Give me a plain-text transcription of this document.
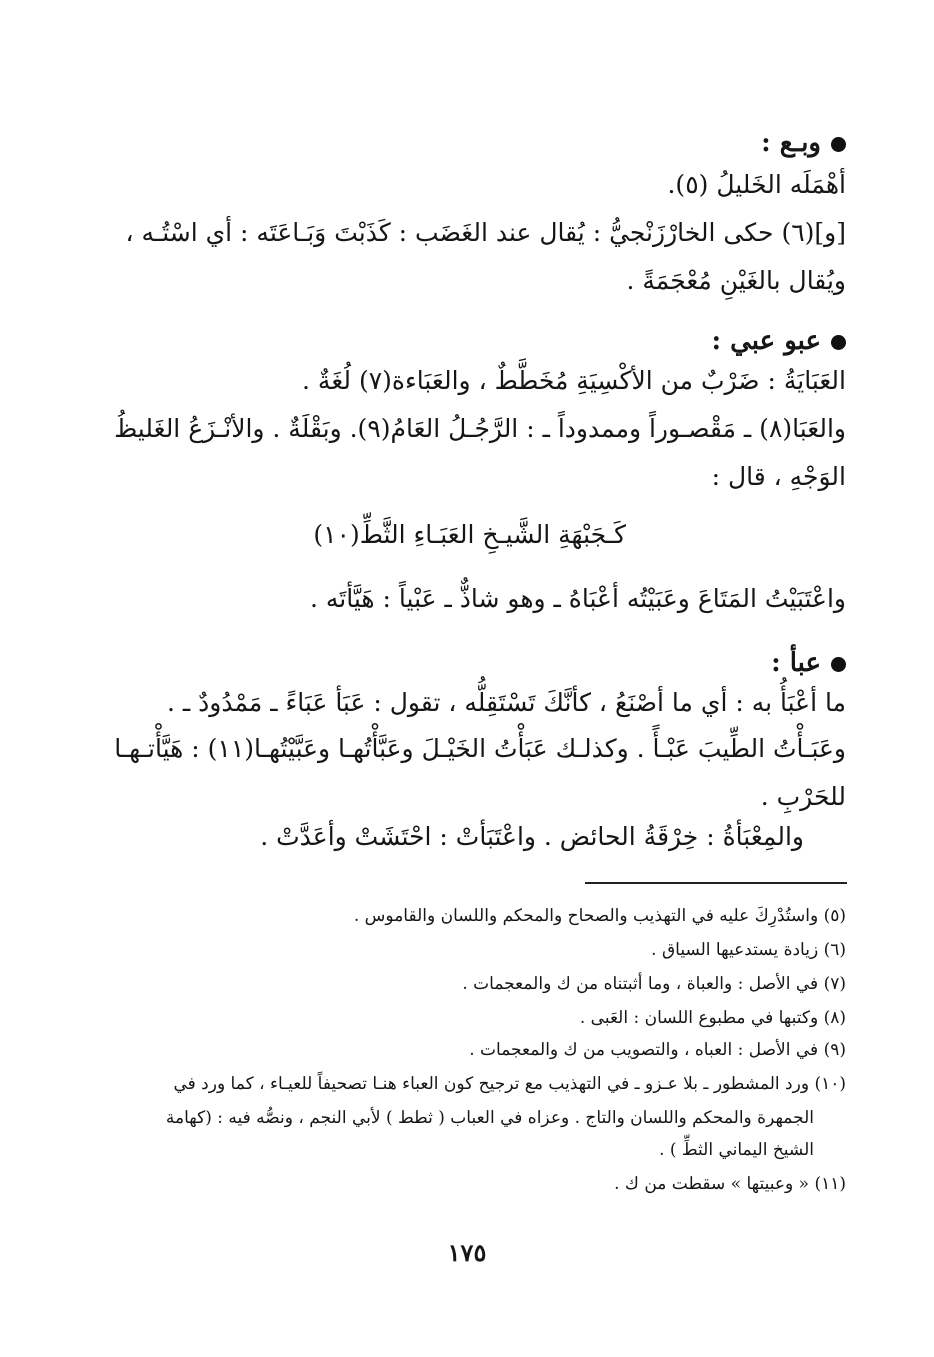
وبـع :
أهْمَلَه الخَليلُ (٥).
[و](٦) حكى الخارْزَنْجيُّ : يُقال عند الغَضَب : كَذَبْتَ وَبَـاعَتَه : أي اسْتُـه ،
ويُقال بالغَيْنِ مُعْجَمَةً .
عبو عبي :
العَبَايَةُ : ضَرْبٌ من الأكْسِيَةِ مُخَطَّطٌ ، والعَبَاءة(٧) لُغَةٌ .
والعَبَا(٨) ـ مَقْصـوراً وممدوداً ـ : الرَّجُـلُ العَامُ(٩). وبَقْلَةٌ . والأنْـزَعُ الغَليظُ
الوَجْهِ ، قال :
كَـجَبْهَةِ الشَّيـخِ العَبَـاءِ الثَّطِّ(١٠)
واعْتَبَيْتُ المَتَاعَ وعَبَيْتُه أعْبَاهُ ـ وهو شاذٌّ ـ عَبْياً : هَيَّأتَه .
عبأ :
ما أعْبَأُ به : أي ما أصْنَعُ ، كأنَّكَ تَسْتَقِلُّه ، تقول : عَبَأ عَبَاءً ـ مَمْدُودٌ ـ .
وعَبَـأْتُ الطِّيبَ عَبْـأً . وكذلـك عَبَأْتُ الخَيْـلَ وعَبَّأْتُهـا وعَبَّيْتُهـا(١١) : هَيَّأْتـهـا
للحَرْبِ .
والمِعْبَأةُ : خِرْقَةُ الحائض . واعْتَبَأتْ : احْتَشَتْ وأعَدَّتْ .
(٥) واستُدْرِكَ عليه في التهذيب والصحاح والمحكم واللسان والقاموس .
(٦) زيادة يستدعيها السياق .
(٧) في الأصل : والعباة ، وما أثبتناه من ك والمعجمات .
(٨) وكتبها في مطبوع اللسان : العَبى .
(٩) في الأصل : العباه ، والتصويب من ك والمعجمات .
(١٠) ورد المشطور ـ بلا عـزو ـ في التهذيب مع ترجيح كون العباء هنـا تصحيفاً للعيـاء ، كما ورد في
الجمهرة والمحكم واللسان والتاج . وعزاه في العباب ( ثطط ) لأبي النجم ، ونصُّه فيه : (كهامة
الشيخ اليماني الثطِّ ) .
(١١) « وعبيتها » سقطت من ك .
١٧٥
